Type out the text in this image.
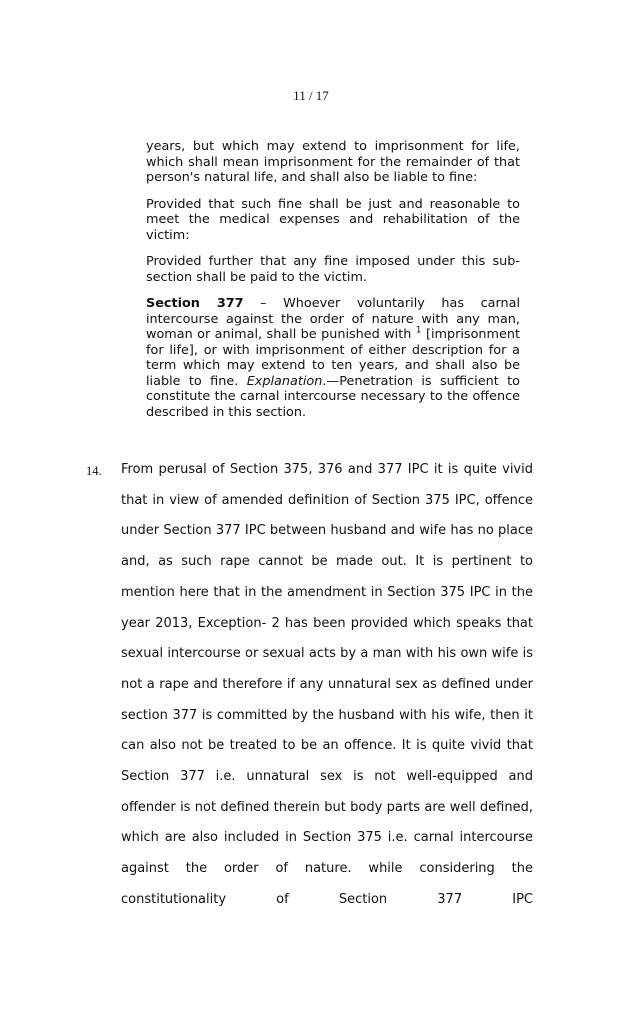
11 / 17

years, but which may extend to imprisonment for life, which shall mean imprisonment for the remainder of that person's natural life, and shall also be liable to fine:

Provided that such fine shall be just and reasonable to meet the medical expenses and rehabilitation of the victim:

Provided further that any fine imposed under this sub-section shall be paid to the victim.

Section 377 – Whoever voluntarily has carnal intercourse against the order of nature with any man, woman or animal, shall be punished with $^1$ [imprisonment for life], or with imprisonment of either description for a term which may extend to ten years, and shall also be liable to fine. Explanation.—Penetration is sufficient to constitute the carnal intercourse necessary to the offence described in this section.

14. From perusal of Section 375, 376 and 377 IPC it is quite vivid that in view of amended definition of Section 375 IPC, offence under Section 377 IPC between husband and wife has no place and, as such rape cannot be made out. It is pertinent to mention here that in the amendment in Section 375 IPC in the year 2013, Exception- 2 has been provided which speaks that sexual intercourse or sexual acts by a man with his own wife is not a rape and therefore if any unnatural sex as defined under section 377 is committed by the husband with his wife, then it can also not be treated to be an offence. It is quite vivid that Section 377 i.e. unnatural sex is not well-equipped and offender is not defined therein but body parts are well defined, which are also included in Section 375 i.e. carnal intercourse against the order of nature. while considering the constitutionality of Section 377 IPC
